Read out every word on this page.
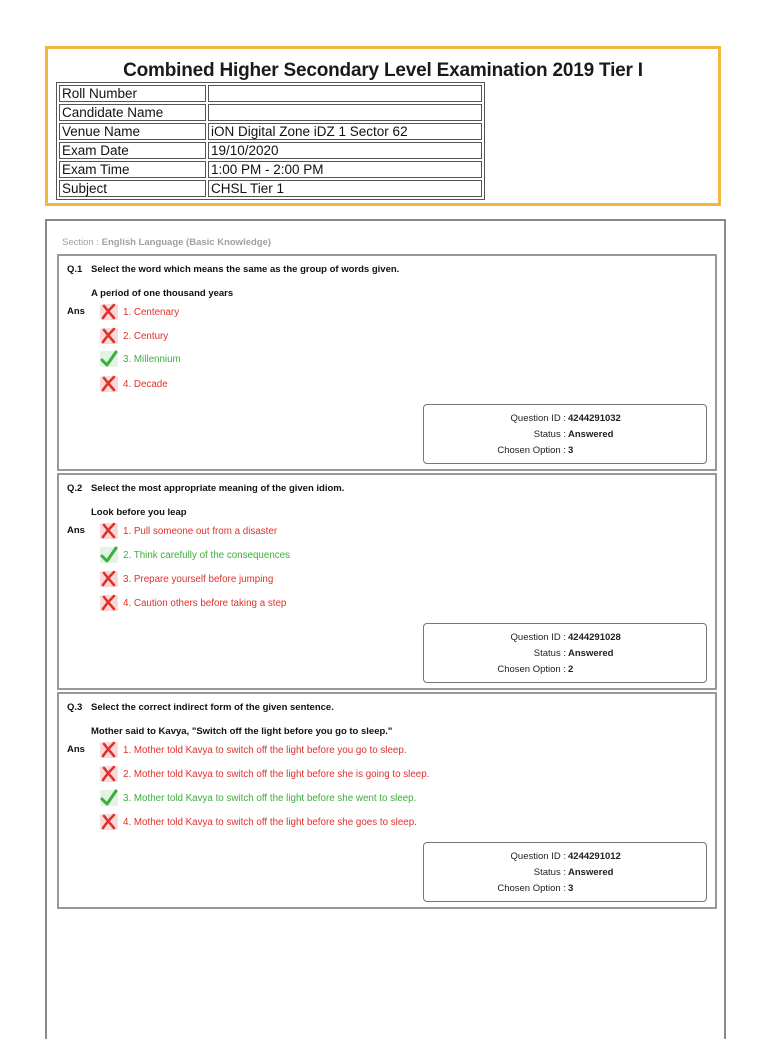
Combined Higher Secondary Level Examination 2019 Tier I
Roll Number	
Candidate Name	
Venue Name	iON Digital Zone iDZ 1 Sector 62
Exam Date	19/10/2020
Exam Time	1:00 PM - 2:00 PM
Subject	CHSL Tier 1
Section : English Language (Basic Knowledge)
Q.1 Select the word which means the same as the group of words given.
A period of one thousand years
Ans	1. Centenary
2. Century
3. Millennium
4. Decade
Question ID : 4244291032
Status : Answered
Chosen Option : 3
Q.2 Select the most appropriate meaning of the given idiom.
Look before you leap
Ans	1. Pull someone out from a disaster
2. Think carefully of the consequences
3. Prepare yourself before jumping
4. Caution others before taking a step
Question ID : 4244291028
Status : Answered
Chosen Option : 2
Q.3 Select the correct indirect form of the given sentence.
Mother said to Kavya, "Switch off the light before you go to sleep."
Ans	1. Mother told Kavya to switch off the light before you go to sleep.
2. Mother told Kavya to switch off the light before she is going to sleep.
3. Mother told Kavya to switch off the light before she went to sleep.
4. Mother told Kavya to switch off the light before she goes to sleep.
Question ID : 4244291012
Status : Answered
Chosen Option : 3
